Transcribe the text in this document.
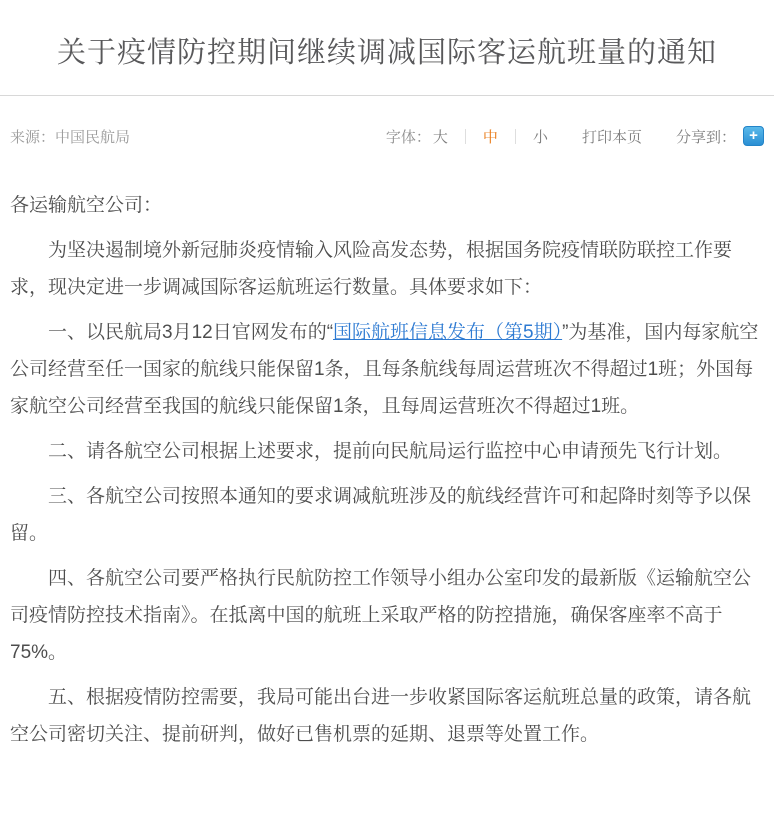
关于疫情防控期间继续调减国际客运航班量的通知
来源：中国民航局	字体： 大 ｜ 中 ｜ 小 打印本页 分享到： +

各运输航空公司：

为坚决遏制境外新冠肺炎疫情输入风险高发态势，根据国务院疫情联防联控工作要求，现决定进一步调减国际客运航班运行数量。具体要求如下：

一、以民航局3月12日官网发布的“国际航班信息发布（第5期）”为基准，国内每家航空公司经营至任一国家的航线只能保留1条，且每条航线每周运营班次不得超过1班；外国每家航空公司经营至我国的航线只能保留1条，且每周运营班次不得超过1班。

二、请各航空公司根据上述要求，提前向民航局运行监控中心申请预先飞行计划。

三、各航空公司按照本通知的要求调减航班涉及的航线经营许可和起降时刻等予以保留。

四、各航空公司要严格执行民航防控工作领导小组办公室印发的最新版《运输航空公司疫情防控技术指南》。在抵离中国的航班上采取严格的防控措施，确保客座率不高于75%。

五、根据疫情防控需要，我局可能出台进一步收紧国际客运航班总量的政策，请各航空公司密切关注、提前研判，做好已售机票的延期、退票等处置工作。
